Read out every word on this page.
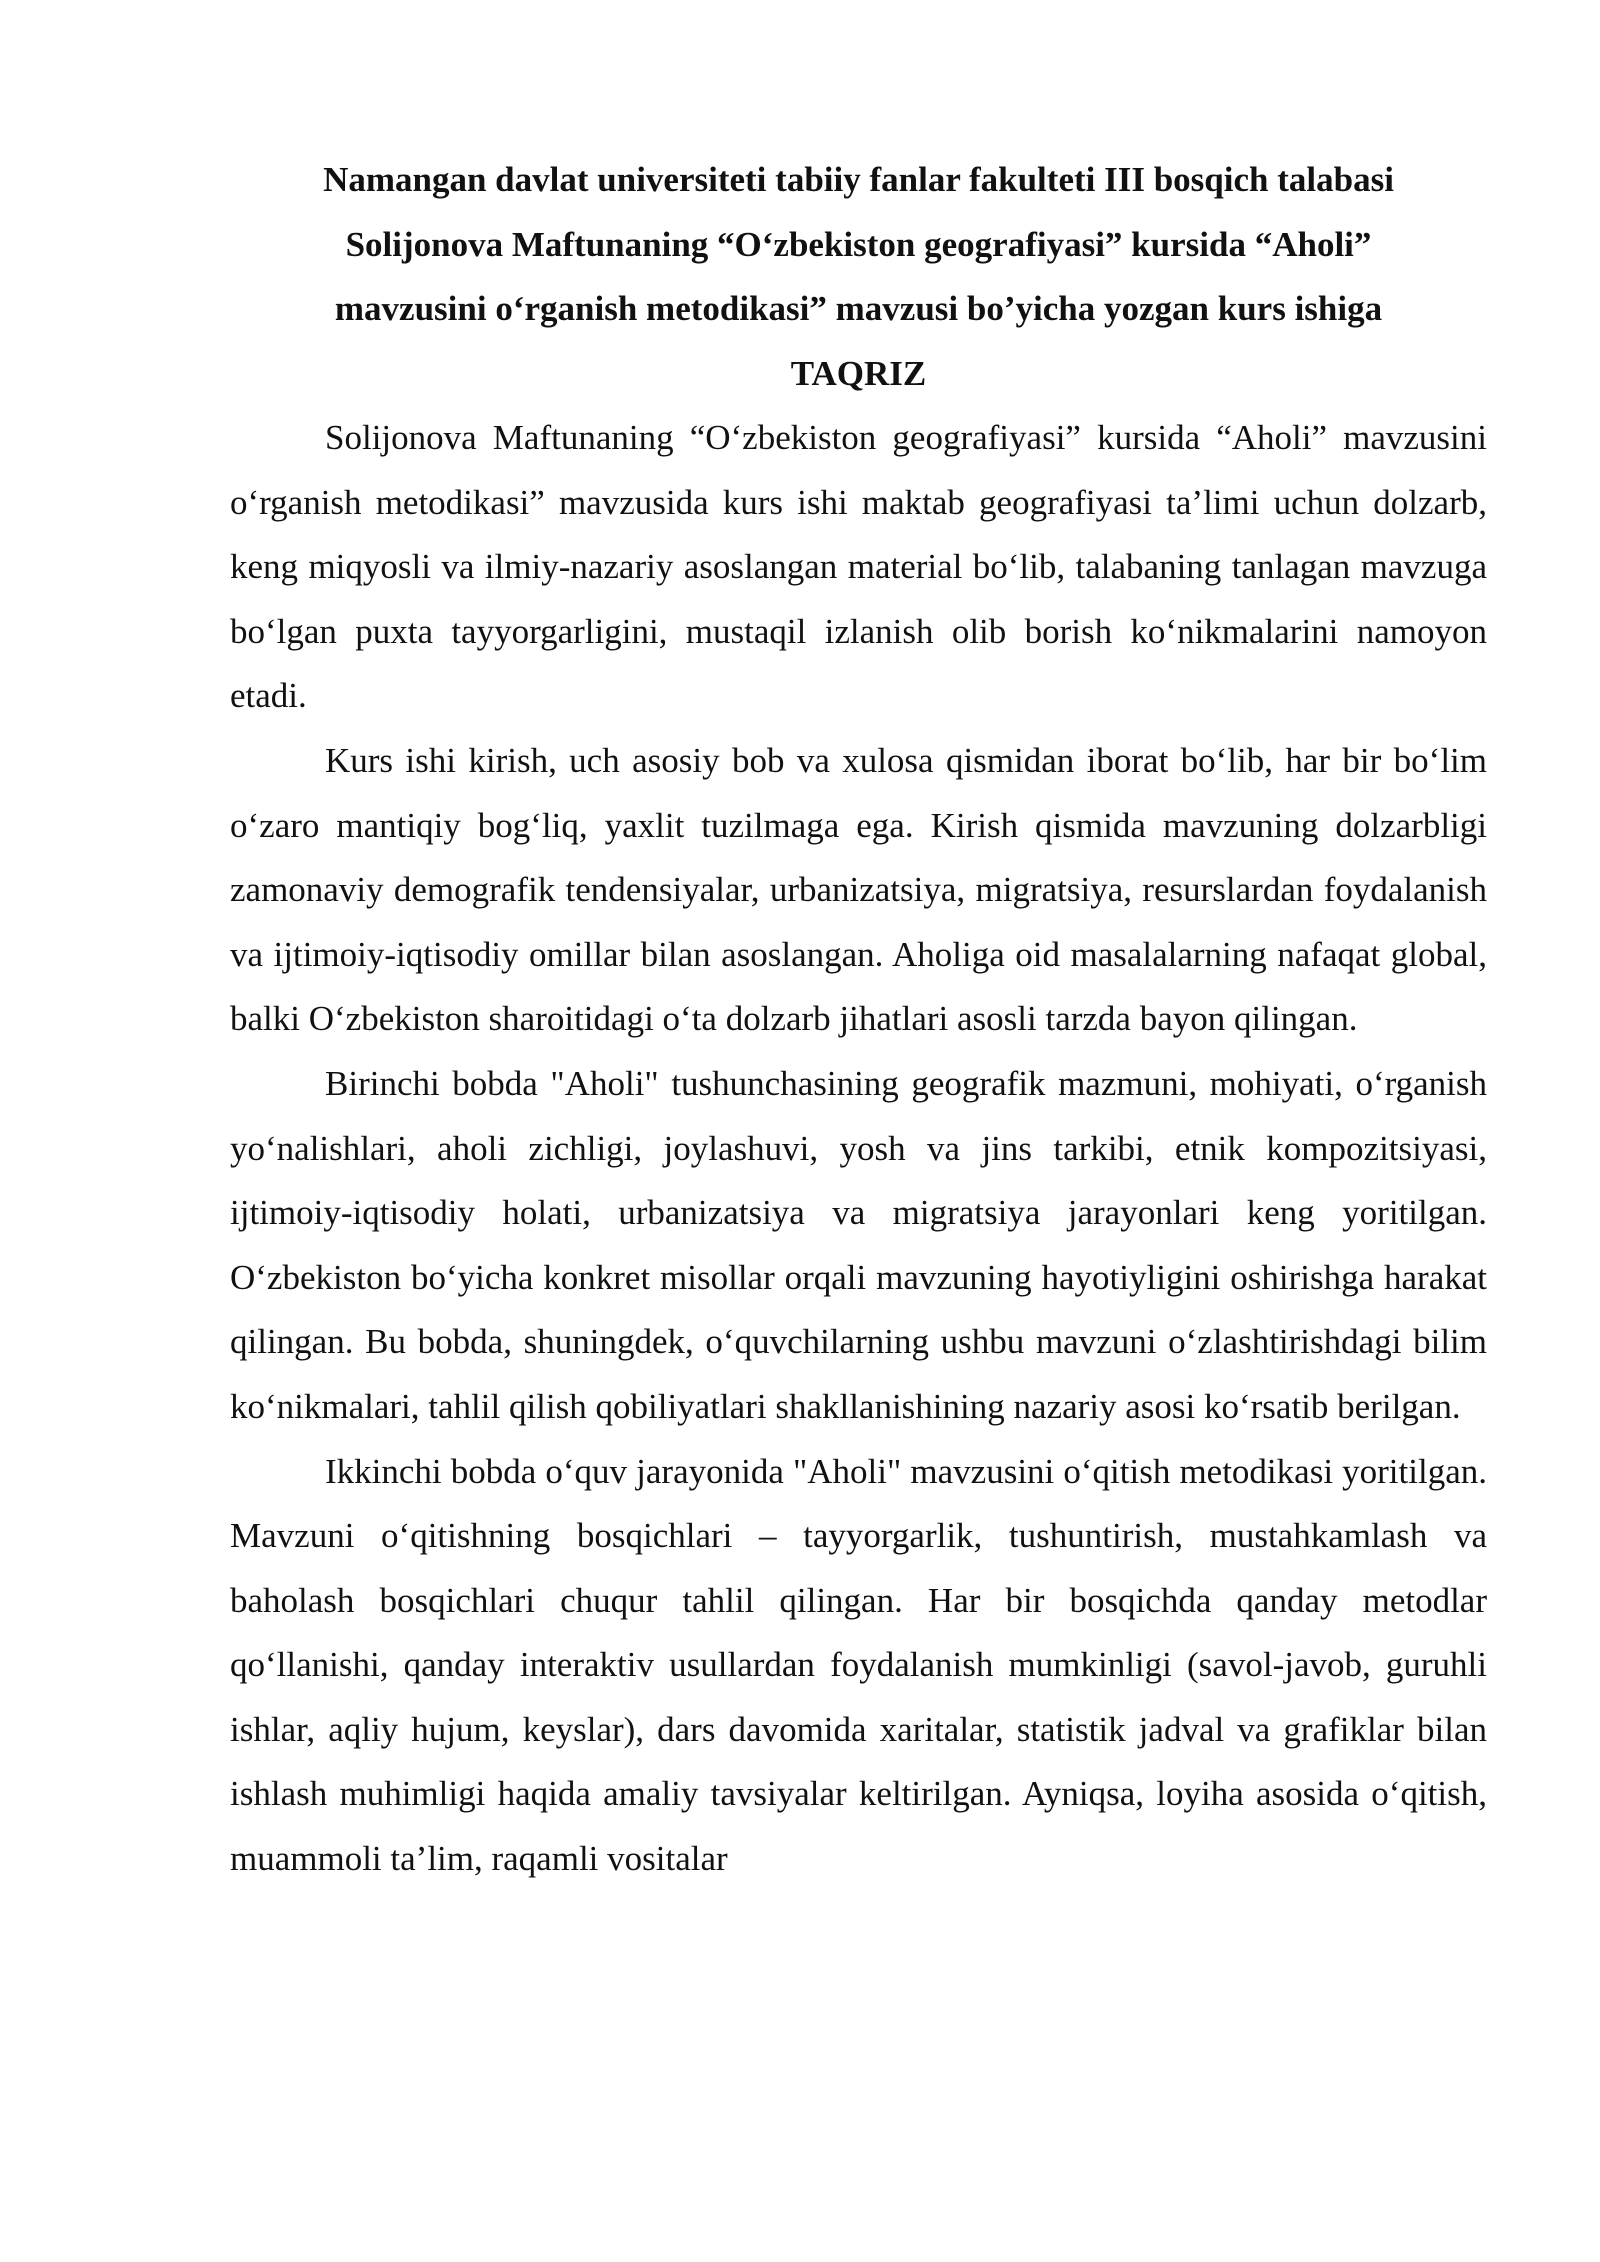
Namangan davlat universiteti tabiiy fanlar fakulteti III bosqich talabasi
Solijonova Maftunaning “Oʻzbekiston geografiyasi” kursida “Aholi”
mavzusini oʻrganish metodikasi” mavzusi bo’yicha yozgan kurs ishiga
TAQRIZ

Solijonova Maftunaning “Oʻzbekiston geografiyasi” kursida “Aholi” mavzusini oʻrganish metodikasi” mavzusida kurs ishi maktab geografiyasi ta’limi uchun dolzarb, keng miqyosli va ilmiy-nazariy asoslangan material boʻlib, talabaning tanlagan mavzuga boʻlgan puxta tayyorgarligini, mustaqil izlanish olib borish koʻnikmalarini namoyon etadi.

Kurs ishi kirish, uch asosiy bob va xulosa qismidan iborat boʻlib, har bir boʻlim oʻzaro mantiqiy bogʻliq, yaxlit tuzilmaga ega. Kirish qismida mavzuning dolzarbligi zamonaviy demografik tendensiyalar, urbanizatsiya, migratsiya, resurslardan foydalanish va ijtimoiy-iqtisodiy omillar bilan asoslangan. Aholiga oid masalalarning nafaqat global, balki Oʻzbekiston sharoitidagi oʻta dolzarb jihatlari asosli tarzda bayon qilingan.

Birinchi bobda "Aholi" tushunchasining geografik mazmuni, mohiyati, oʻrganish yoʻnalishlari, aholi zichligi, joylashuvi, yosh va jins tarkibi, etnik kompozitsiyasi, ijtimoiy-iqtisodiy holati, urbanizatsiya va migratsiya jarayonlari keng yoritilgan. Oʻzbekiston boʻyicha konkret misollar orqali mavzuning hayotiyligini oshirishga harakat qilingan. Bu bobda, shuningdek, oʻquvchilarning ushbu mavzuni oʻzlashtirishdagi bilim koʻnikmalari, tahlil qilish qobiliyatlari shakllanishining nazariy asosi koʻrsatib berilgan.

Ikkinchi bobda oʻquv jarayonida "Aholi" mavzusini oʻqitish metodikasi yoritilgan. Mavzuni oʻqitishning bosqichlari – tayyorgarlik, tushuntirish, mustahkamlash va baholash bosqichlari chuqur tahlil qilingan. Har bir bosqichda qanday metodlar qoʻllanishi, qanday interaktiv usullardan foydalanish mumkinligi (savol-javob, guruhli ishlar, aqliy hujum, keyslar), dars davomida xaritalar, statistik jadval va grafiklar bilan ishlash muhimligi haqida amaliy tavsiyalar keltirilgan. Ayniqsa, loyiha asosida oʻqitish, muammoli ta’lim, raqamli vositalar
